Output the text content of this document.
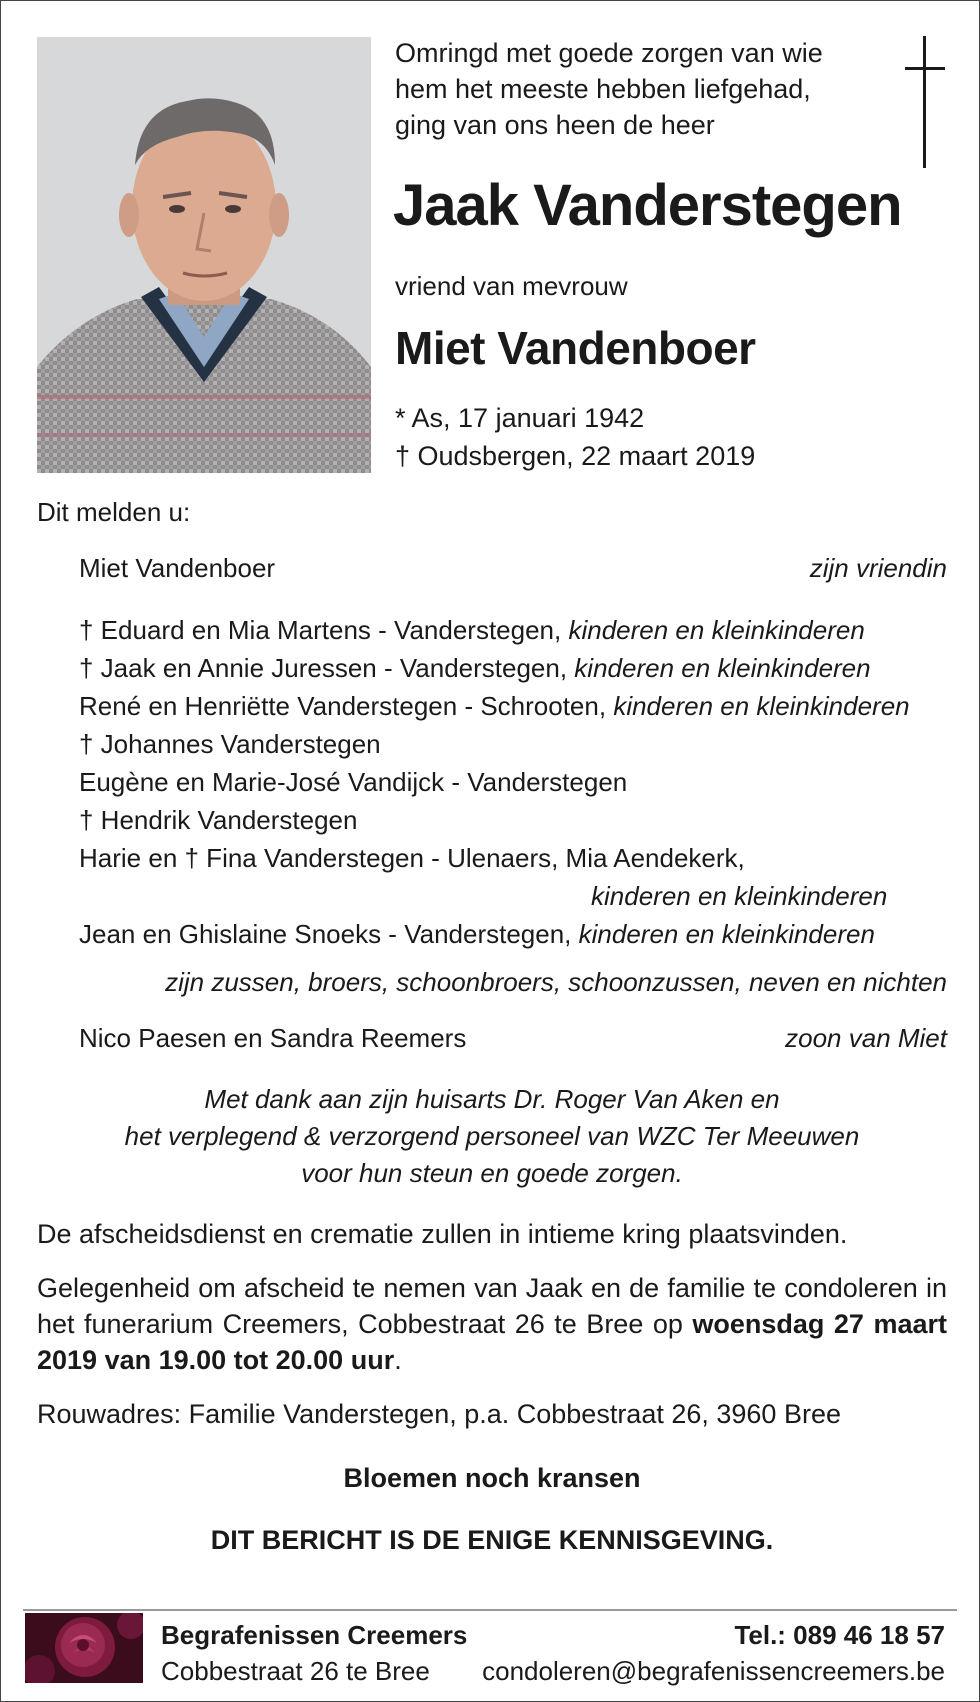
Omringd met goede zorgen van wie
hem het meeste hebben liefgehad,
ging van ons heen de heer
Jaak Vanderstegen
vriend van mevrouw
Miet Vandenboer
* As, 17 januari 1942
† Oudsbergen, 22 maart 2019
Dit melden u:
Miet Vandenboer	zijn vriendin
† Eduard en Mia Martens - Vanderstegen, kinderen en kleinkinderen
† Jaak en Annie Juressen - Vanderstegen, kinderen en kleinkinderen
René en Henriëtte Vanderstegen - Schrooten, kinderen en kleinkinderen
† Johannes Vanderstegen
Eugène en Marie-José Vandijck - Vanderstegen
† Hendrik Vanderstegen
Harie en † Fina Vanderstegen - Ulenaers, Mia Aendekerk,
kinderen en kleinkinderen
Jean en Ghislaine Snoeks - Vanderstegen, kinderen en kleinkinderen
zijn zussen, broers, schoonbroers, schoonzussen, neven en nichten
Nico Paesen en Sandra Reemers	zoon van Miet
Met dank aan zijn huisarts Dr. Roger Van Aken en
het verplegend & verzorgend personeel van WZC Ter Meeuwen
voor hun steun en goede zorgen.
De afscheidsdienst en crematie zullen in intieme kring plaatsvinden.
Gelegenheid om afscheid te nemen van Jaak en de familie te condoleren in het funerarium Creemers, Cobbestraat 26 te Bree op woensdag 27 maart 2019 van 19.00 tot 20.00 uur.
Rouwadres: Familie Vanderstegen, p.a. Cobbestraat 26, 3960 Bree
Bloemen noch kransen
DIT BERICHT IS DE ENIGE KENNISGEVING.
Begrafenissen Creemers
Cobbestraat 26 te Bree
Tel.: 089 46 18 57
condoleren@begrafenissencreemers.be
